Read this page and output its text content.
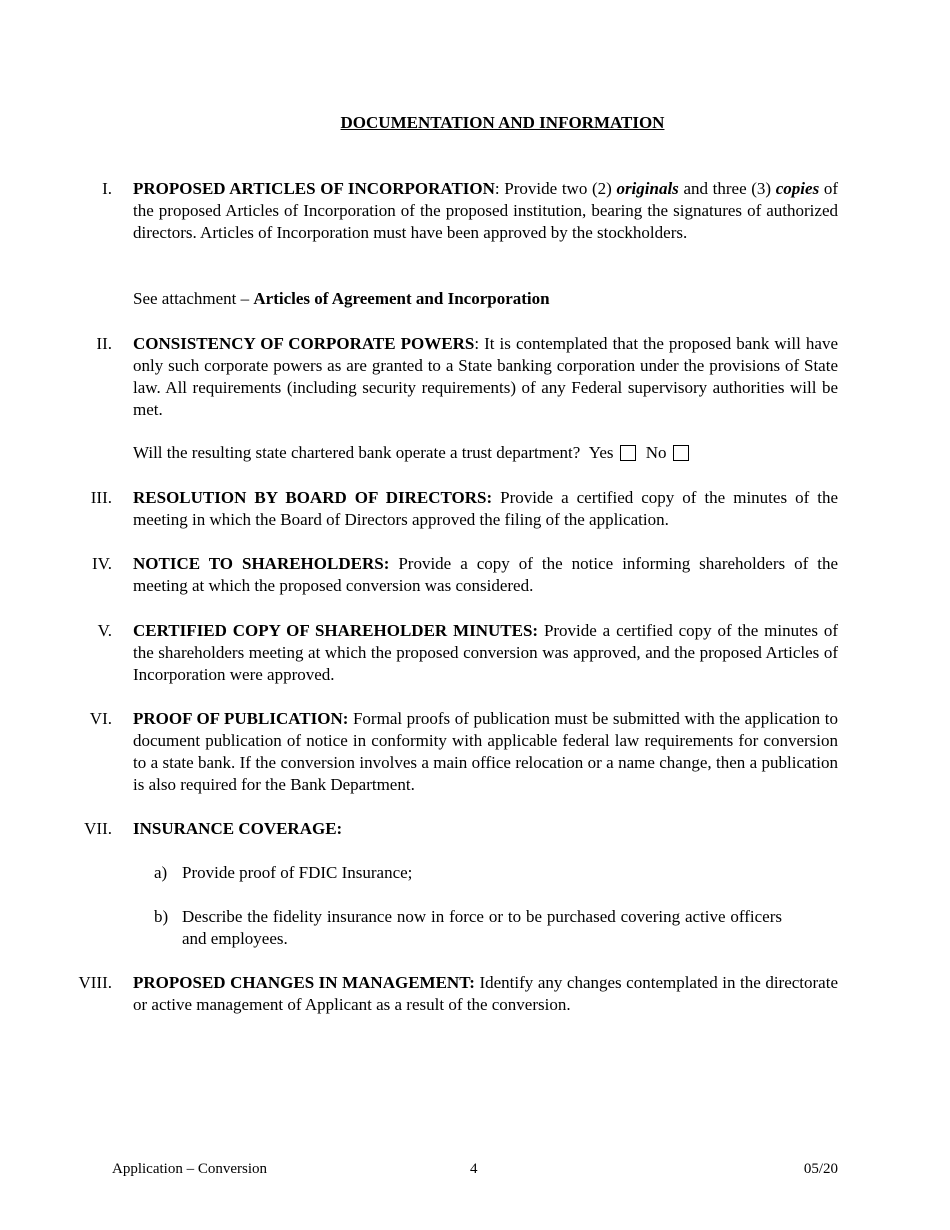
DOCUMENTATION AND INFORMATION
I. PROPOSED ARTICLES OF INCORPORATION: Provide two (2) originals and three (3) copies of the proposed Articles of Incorporation of the proposed institution, bearing the signatures of authorized directors. Articles of Incorporation must have been approved by the stockholders.
See attachment – Articles of Agreement and Incorporation
II. CONSISTENCY OF CORPORATE POWERS: It is contemplated that the proposed bank will have only such corporate powers as are granted to a State banking corporation under the provisions of State law. All requirements (including security requirements) of any Federal supervisory authorities will be met.
Will the resulting state chartered bank operate a trust department? Yes No
III. RESOLUTION BY BOARD OF DIRECTORS: Provide a certified copy of the minutes of the meeting in which the Board of Directors approved the filing of the application.
IV. NOTICE TO SHAREHOLDERS: Provide a copy of the notice informing shareholders of the meeting at which the proposed conversion was considered.
V. CERTIFIED COPY OF SHAREHOLDER MINUTES: Provide a certified copy of the minutes of the shareholders meeting at which the proposed conversion was approved, and the proposed Articles of Incorporation were approved.
VI. PROOF OF PUBLICATION: Formal proofs of publication must be submitted with the application to document publication of notice in conformity with applicable federal law requirements for conversion to a state bank. If the conversion involves a main office relocation or a name change, then a publication is also required for the Bank Department.
VII. INSURANCE COVERAGE:
a) Provide proof of FDIC Insurance;
b) Describe the fidelity insurance now in force or to be purchased covering active officers and employees.
VIII. PROPOSED CHANGES IN MANAGEMENT: Identify any changes contemplated in the directorate or active management of Applicant as a result of the conversion.
Application – Conversion	4	05/20
